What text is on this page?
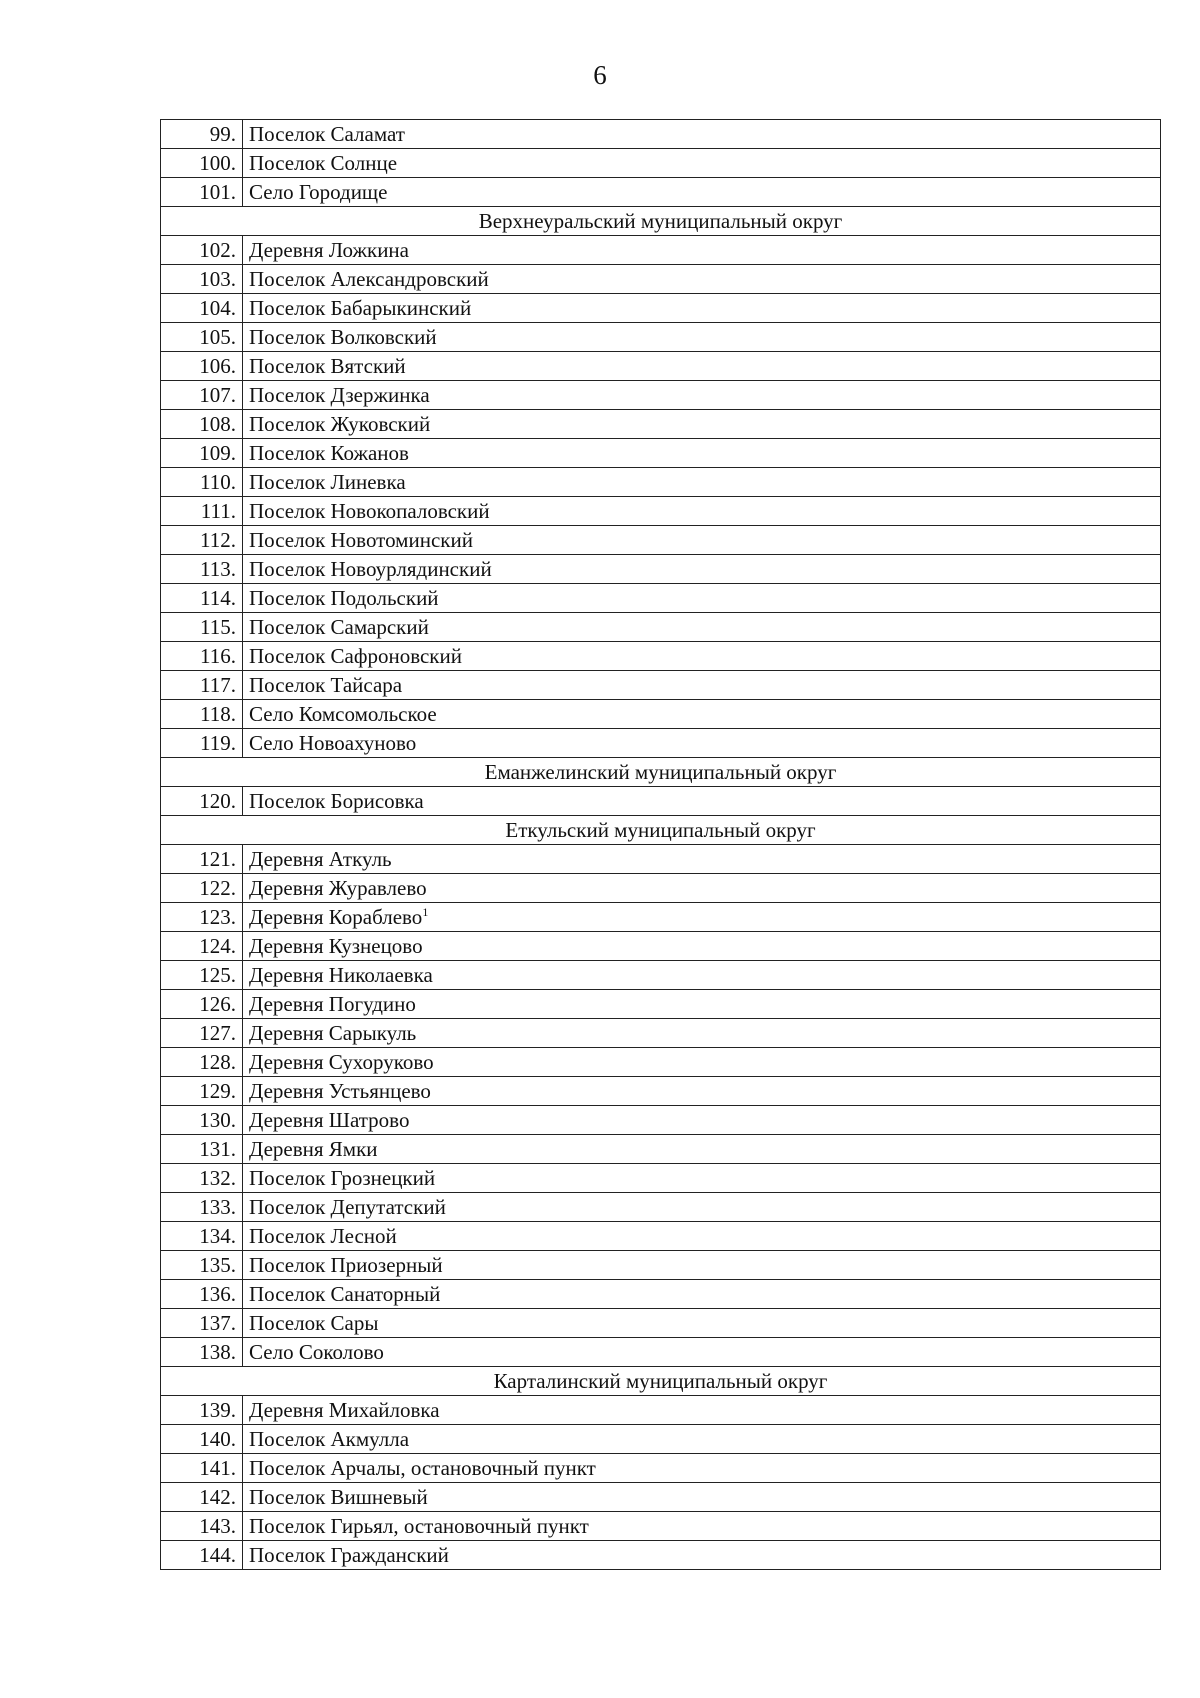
6
99.	Поселок Саламат
100.	Поселок Солнце
101.	Село Городище
Верхнеуральский муниципальный округ	
102.	Деревня Ложкина
103.	Поселок Александровский
104.	Поселок Бабарыкинский
105.	Поселок Волковский
106.	Поселок Вятский
107.	Поселок Дзержинка
108.	Поселок Жуковский
109.	Поселок Кожанов
110.	Поселок Линевка
111.	Поселок Новокопаловский
112.	Поселок Новотоминский
113.	Поселок Новоурлядинский
114.	Поселок Подольский
115.	Поселок Самарский
116.	Поселок Сафроновский
117.	Поселок Тайсара
118.	Село Комсомольское
119.	Село Новоахуново
Еманжелинский муниципальный округ	
120.	Поселок Борисовка
Еткульский муниципальный округ	
121.	Деревня Аткуль
122.	Деревня Журавлево
123.	Деревня Кораблево$^1$
124.	Деревня Кузнецово
125.	Деревня Николаевка
126.	Деревня Погудино
127.	Деревня Сарыкуль
128.	Деревня Сухоруково
129.	Деревня Устьянцево
130.	Деревня Шатрово
131.	Деревня Ямки
132.	Поселок Грознецкий
133.	Поселок Депутатский
134.	Поселок Лесной
135.	Поселок Приозерный
136.	Поселок Санаторный
137.	Поселок Сары
138.	Село Соколово
Карталинский муниципальный округ	
139.	Деревня Михайловка
140.	Поселок Акмулла
141.	Поселок Арчалы, остановочный пункт
142.	Поселок Вишневый
143.	Поселок Гирьял, остановочный пункт
144.	Поселок Гражданский
